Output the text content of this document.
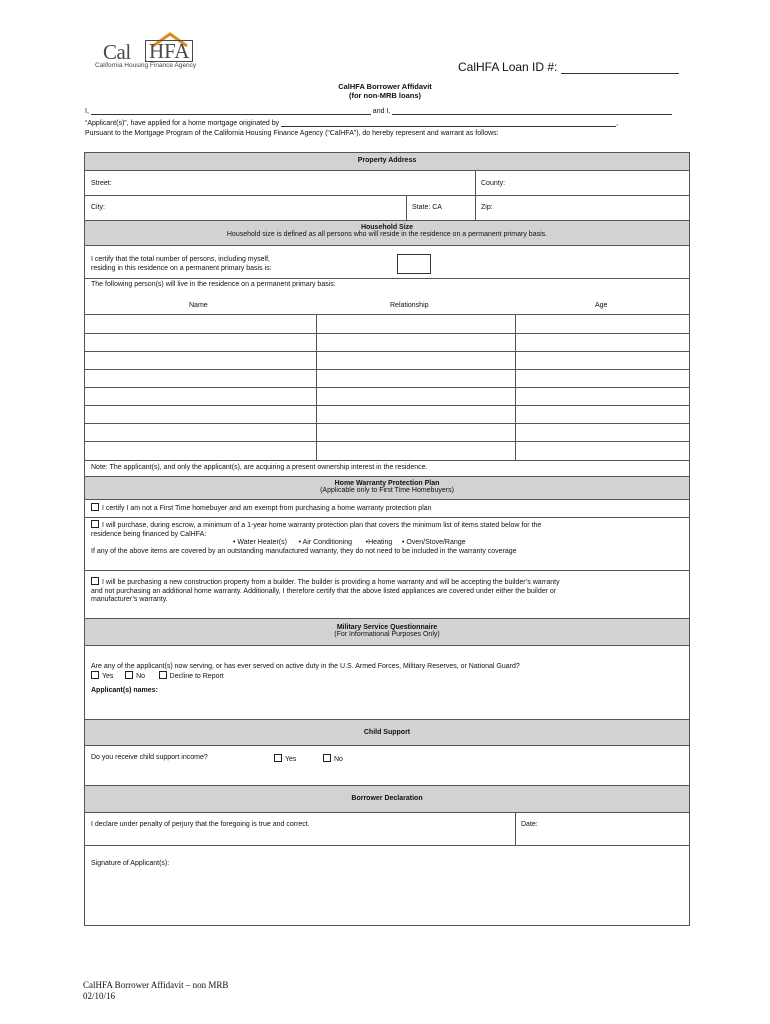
Cal HFA
California Housing Finance Agency	CalHFA Loan ID #:
CalHFA Borrower Affidavit
(for non-MRB loans)
I,	and I,
“Applicant(s)”, have applied for a home mortgage originated by	,
Pursuant to the Mortgage Program of the California Housing Finance Agency (“CalHFA”), do hereby represent and warrant as follows:
Property Address
Street:	County:
City:	State: CA	Zip:
Household Size
Household size is defined as all persons who will reside in the residence on a permanent primary basis.
I certify that the total number of persons, including myself,
residing in this residence on a permanent primary basis is:
The following person(s) will live in the residence on a permanent primary basis:
Name	Relationship	Age
Note: The applicant(s), and only the applicant(s), are acquiring a present ownership interest in the residence.
Home Warranty Protection Plan
(Applicable only to First Time Homebuyers)
I certify I am not a First Time homebuyer and am exempt from purchasing a home warranty protection plan
I will purchase, during escrow, a minimum of a 1-year home warranty protection plan that covers the minimum list of items stated below for the
residence being financed by CalHFA:
• Water Heater(s) • Air Conditioning •Heating • Oven/Stove/Range
If any of the above items are covered by an outstanding manufactured warranty, they do not need to be included in the warranty coverage
I will be purchasing a new construction property from a builder. The builder is providing a home warranty and will be accepting the builder’s warranty
and not purchasing an additional home warranty. Additionally, I therefore certify that the above listed appliances are covered under either the builder or
manufacturer’s warranty.
Military Service Questionnaire
(For Informational Purposes Only)
Are any of the applicant(s) now serving, or has ever served on active duty in the U.S. Armed Forces, Military Reserves, or National Guard?
Yes	No	Decline to Report
Applicant(s) names:
Child Support
Do you receive child support income?	Yes	No
Borrower Declaration
I declare under penalty of perjury that the foregoing is true and correct.	Date:
Signature of Applicant(s):
CalHFA Borrower Affidavit – non MRB
02/10/16
